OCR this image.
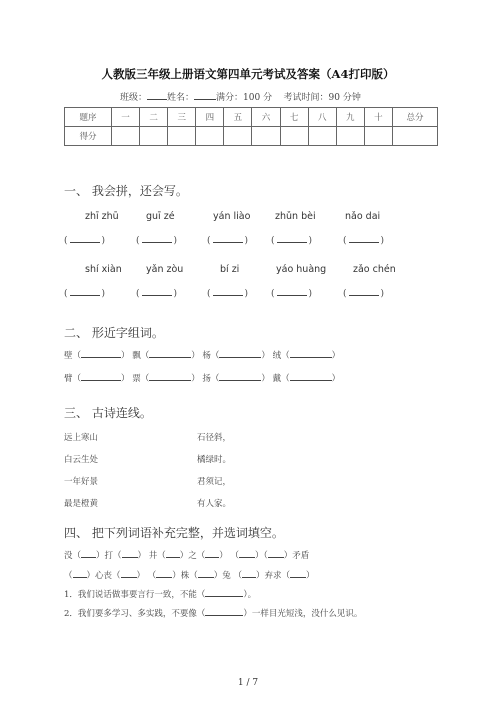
人教版三年级上册语文第四单元考试及答案（A4打印版）
班级： 姓名： 满分：100 分 考试时间：90 分钟
题序	一	二	三	四	五	六	七	八	九	十	总分
得分											
一、 我会拼，还会写。
zhī zhū	guī zé	yán liào	zhǔn bèi	nǎo dai
(	)	(	)	(	)	(	)	(	)
shí xiàn	yǎn zòu	bí zi	yáo huàng	zǎo chén
(	)	(	)	(	)	(	)	(	)
二、 形近字组词。
壁（	） 飘（	） 杨（	） 绒（	）
臂（	） 票（	） 扬（	） 戴（	）
三、 古诗连线。
远上寒山
白云生处
一年好景
最是橙黄
石径斜，
橘绿时。
君须记，
有人家。
四、 把下列词语补充完整，并选词填空。
没（ ）打（ ） 井（ ）之（ ） （ ）（ ）矛盾
（ ）心丧（ ） （ ）株（ ）兔 （ ）弃求（ ）
1．我们说话做事要言行一致，不能（	）。
2．我们要多学习、多实践，不要像（	）一样目光短浅，没什么见识。
1 / 7
